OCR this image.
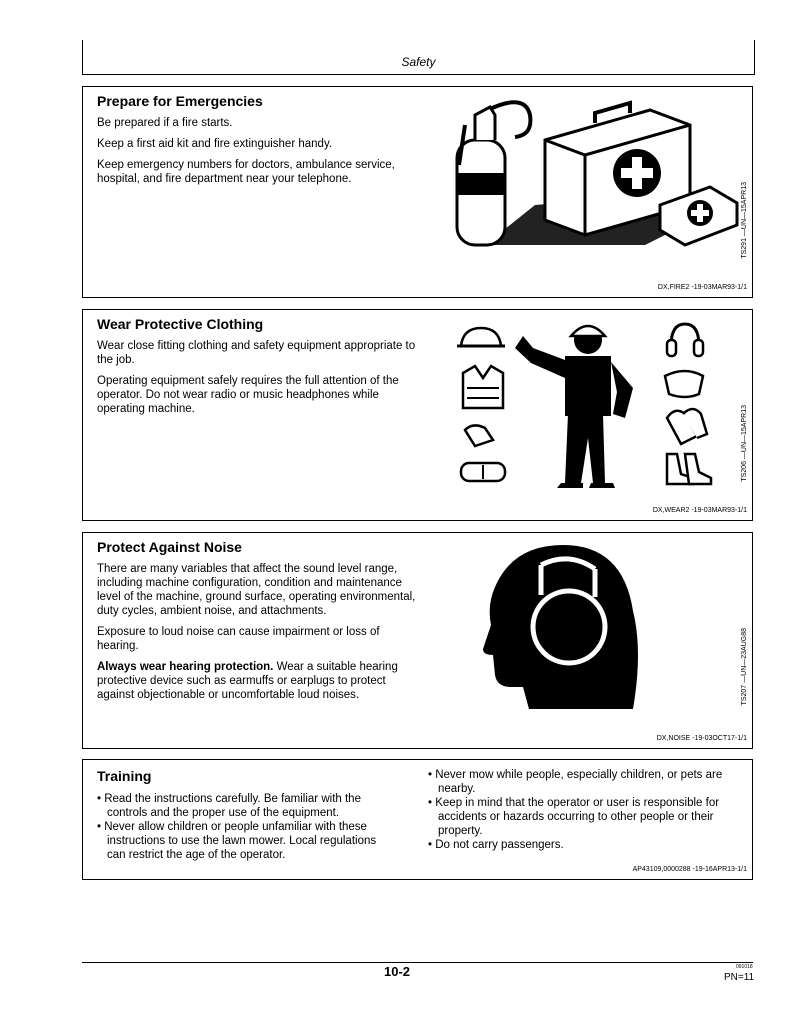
Safety
Prepare for Emergencies

Be prepared if a fire starts.

Keep a first aid kit and fire extinguisher handy.

Keep emergency numbers for doctors, ambulance service, hospital, and fire department near your telephone.

TS291 —UN—15APR13
DX,FIRE2 -19-03MAR93-1/1
Wear Protective Clothing

Wear close fitting clothing and safety equipment appropriate to the job.

Operating equipment safely requires the full attention of the operator. Do not wear radio or music headphones while operating machine.	TS206 —UN—15APR13
DX,WEAR2 -19-03MAR93-1/1
Protect Against Noise

There are many variables that affect the sound level range, including machine configuration, condition and maintenance level of the machine, ground surface, operating environmental, duty cycles, ambient noise, and attachments.

Exposure to loud noise can cause impairment or loss of hearing.

Always wear hearing protection. Wear a suitable hearing protective device such as earmuffs or earplugs to protect against objectionable or uncomfortable loud noises.	TS207 —UN—23AUG88
DX,NOISE -19-03OCT17-1/1
Training
• Read the instructions carefully. Be familiar with the controls and the proper use of the equipment.
• Never allow children or people unfamiliar with these instructions to use the lawn mower. Local regulations can restrict the age of the operator.
• Never mow while people, especially children, or pets are nearby.
• Keep in mind that the operator or user is responsible for accidents or hazards occurring to other people or their property.
• Do not carry passengers.
AP43109,0000288 -19-16APR13-1/1
10-2	091018
PN=11
